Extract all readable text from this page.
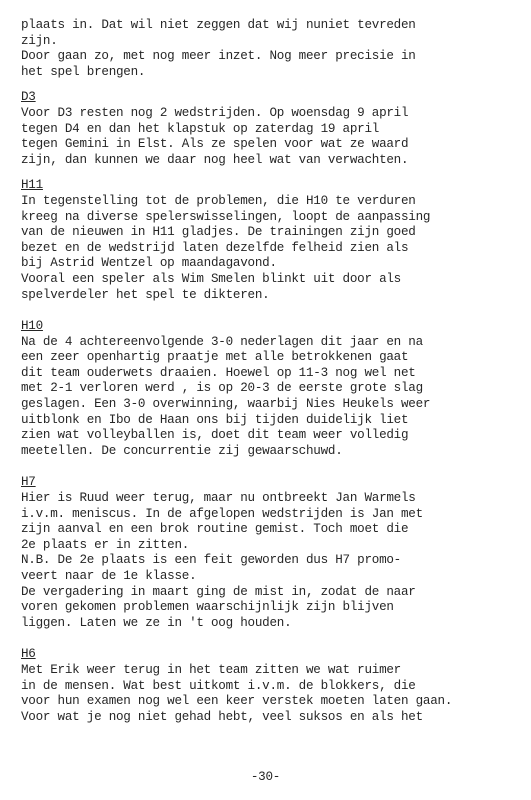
plaats in. Dat wil niet zeggen dat wij nuniet tevreden
zijn.
Door gaan zo, met nog meer inzet. Nog meer precisie in
het spel brengen.
D3
Voor D3 resten nog 2 wedstrijden. Op woensdag 9 april
tegen D4 en dan het klapstuk op zaterdag 19 april
tegen Gemini in Elst. Als ze spelen voor wat ze waard
zijn, dan kunnen we daar nog heel wat van verwachten.
H11
In tegenstelling tot de problemen, die H10 te verduren
kreeg na diverse spelerswisselingen, loopt de aanpassing
van de nieuwen in H11 gladjes. De trainingen zijn goed
bezet en de wedstrijd laten dezelfde felheid zien als
bij Astrid Wentzel op maandagavond.
Vooral een speler als Wim Smelen blinkt uit door als
spelverdeler het spel te dikteren.
H10
Na de 4 achtereenvolgende 3-0 nederlagen dit jaar en na
een zeer openhartig praatje met alle betrokkenen gaat
dit team ouderwets draaien. Hoewel op 11-3 nog wel net
met 2-1 verloren werd , is op 20-3 de eerste grote slag
geslagen. Een 3-0 overwinning, waarbij Nies Heukels weer
uitblonk en Ibo de Haan ons bij tijden duidelijk liet
zien wat volleyballen is, doet dit team weer volledig
meetellen. De concurrentie zij gewaarschuwd.
H7
Hier is Ruud weer terug, maar nu ontbreekt Jan Warmels
i.v.m. meniscus. In de afgelopen wedstrijden is Jan met
zijn aanval en een brok routine gemist. Toch moet die
2e plaats er in zitten.
N.B. De 2e plaats is een feit geworden dus H7 promo-
veert naar de 1e klasse.
De vergadering in maart ging de mist in, zodat de naar
voren gekomen problemen waarschijnlijk zijn blijven
liggen. Laten we ze in 't oog houden.
H6
Met Erik weer terug in het team zitten we wat ruimer
in de mensen. Wat best uitkomt i.v.m. de blokkers, die
voor hun examen nog wel een keer verstek moeten laten gaan.
Voor wat je nog niet gehad hebt, veel suksos en als het
-30-
